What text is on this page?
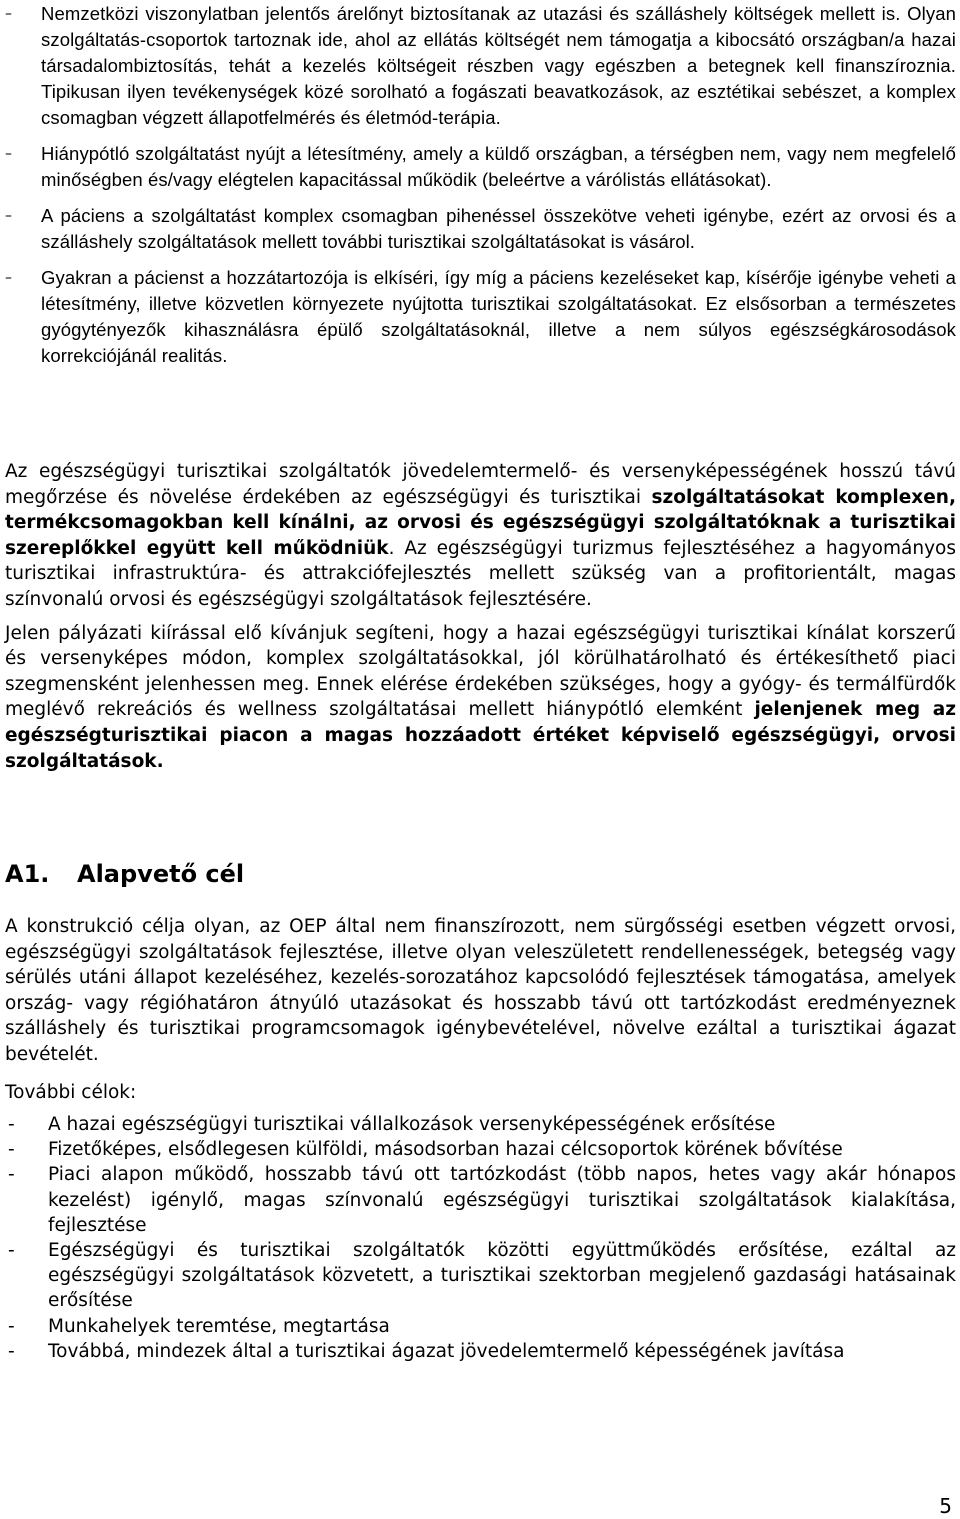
– Nemzetközi viszonylatban jelentős árelőnyt biztosítanak az utazási és szálláshely költségek mellett is. Olyan szolgáltatás-csoportok tartoznak ide, ahol az ellátás költségét nem támogatja a kibocsátó országban/a hazai társadalombiztosítás, tehát a kezelés költségeit részben vagy egészben a betegnek kell finanszíroznia. Tipikusan ilyen tevékenységek közé sorolható a fogászati beavatkozások, az esztétikai sebészet, a komplex csomagban végzett állapotfelmérés és életmód-terápia.
– Hiánypótló szolgáltatást nyújt a létesítmény, amely a küldő országban, a térségben nem, vagy nem megfelelő minőségben és/vagy elégtelen kapacitással működik (beleértve a várólistás ellátásokat).
– A páciens a szolgáltatást komplex csomagban pihenéssel összekötve veheti igénybe, ezért az orvosi és a szálláshely szolgáltatások mellett további turisztikai szolgáltatásokat is vásárol.
– Gyakran a pácienst a hozzátartozója is elkíséri, így míg a páciens kezeléseket kap, kísérője igénybe veheti a létesítmény, illetve közvetlen környezete nyújtotta turisztikai szolgáltatásokat. Ez elsősorban a természetes gyógytényezők kihasználásra épülő szolgáltatásoknál, illetve a nem súlyos egészségkárosodások korrekciójánál realitás.

Az egészségügyi turisztikai szolgáltatók jövedelemtermelő- és versenyképességének hosszú távú megőrzése és növelése érdekében az egészségügyi és turisztikai szolgáltatásokat komplexen, termékcsomagokban kell kínálni, az orvosi és egészségügyi szolgáltatóknak a turisztikai szereplőkkel együtt kell működniük. Az egészségügyi turizmus fejlesztéséhez a hagyományos turisztikai infrastruktúra- és attrakciófejlesztés mellett szükség van a profitorientált, magas színvonalú orvosi és egészségügyi szolgáltatások fejlesztésére.

Jelen pályázati kiírással elő kívánjuk segíteni, hogy a hazai egészségügyi turisztikai kínálat korszerű és versenyképes módon, komplex szolgáltatásokkal, jól körülhatárolható és értékesíthető piaci szegmensként jelenhessen meg. Ennek elérése érdekében szükséges, hogy a gyógy- és termálfürdők meglévő rekreációs és wellness szolgáltatásai mellett hiánypótló elemként jelenjenek meg az egészségturisztikai piacon a magas hozzáadott értéket képviselő egészségügyi, orvosi szolgáltatások.

A1. Alapvető cél

A konstrukció célja olyan, az OEP által nem finanszírozott, nem sürgősségi esetben végzett orvosi, egészségügyi szolgáltatások fejlesztése, illetve olyan veleszületett rendellenességek, betegség vagy sérülés utáni állapot kezeléséhez, kezelés-sorozatához kapcsolódó fejlesztések támogatása, amelyek ország- vagy régióhatáron átnyúló utazásokat és hosszabb távú ott tartózkodást eredményeznek szálláshely és turisztikai programcsomagok igénybevételével, növelve ezáltal a turisztikai ágazat bevételét.

További célok:

- A hazai egészségügyi turisztikai vállalkozások versenyképességének erősítése
- Fizetőképes, elsődlegesen külföldi, másodsorban hazai célcsoportok körének bővítése
- Piaci alapon működő, hosszabb távú ott tartózkodást (több napos, hetes vagy akár hónapos kezelést) igénylő, magas színvonalú egészségügyi turisztikai szolgáltatások kialakítása, fejlesztése
- Egészségügyi és turisztikai szolgáltatók közötti együttműködés erősítése, ezáltal az egészségügyi szolgáltatások közvetett, a turisztikai szektorban megjelenő gazdasági hatásainak erősítése
- Munkahelyek teremtése, megtartása
- Továbbá, mindezek által a turisztikai ágazat jövedelemtermelő képességének javítása
5
